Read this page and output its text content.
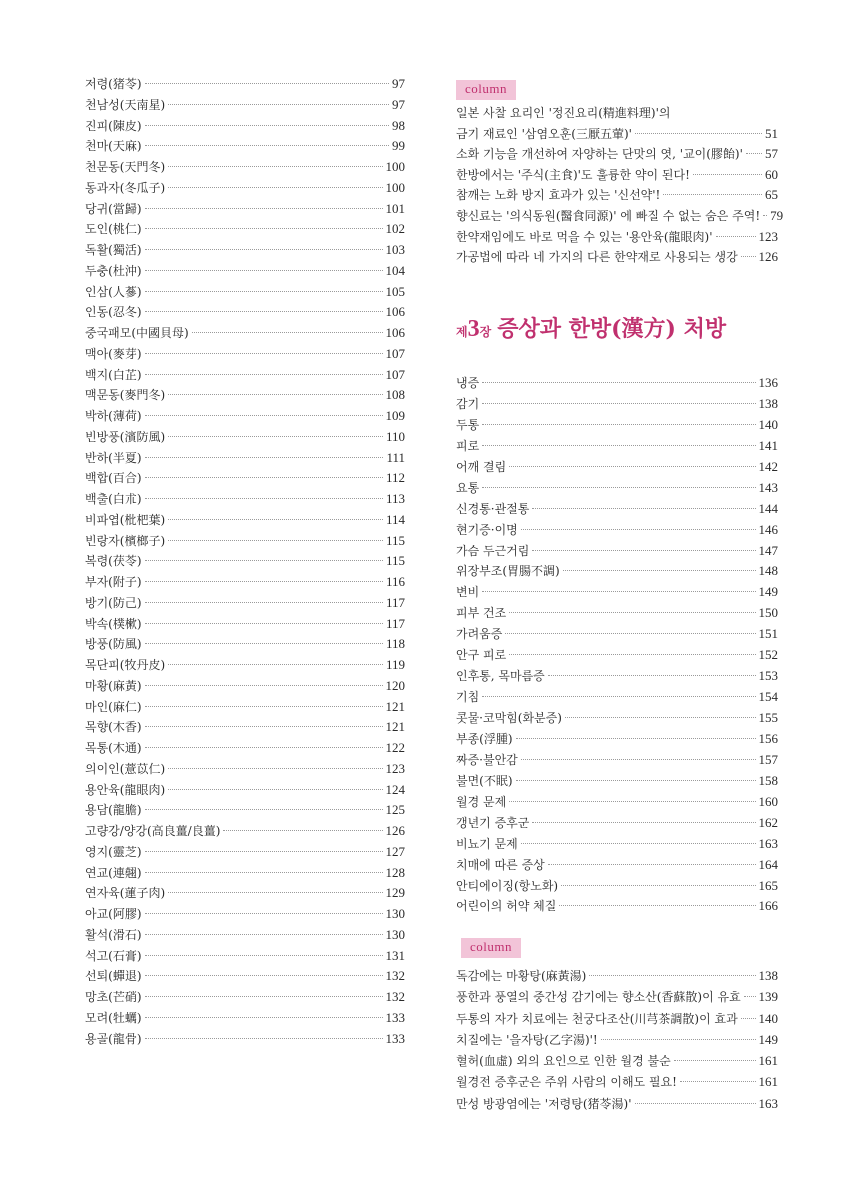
저령(猪苓)	97
천남성(天南星)	97
진피(陳皮)	98
천마(天麻)	99
천문동(天門冬)	100
동과자(冬瓜子)	100
당귀(當歸)	101
도인(桃仁)	102
독활(獨活)	103
두충(杜沖)	104
인삼(人蔘)	105
인동(忍冬)	106
중국패모(中國貝母)	106
맥아(麥芽)	107
백지(白芷)	107
맥문동(麥門冬)	108
박하(薄荷)	109
빈방풍(濱防風)	110
반하(半夏)	111
백합(百合)	112
백출(白朮)	113
비파엽(枇杷葉)	114
빈랑자(檳榔子)	115
복령(茯苓)	115
부자(附子)	116
방기(防己)	117
박속(樸樕)	117
방풍(防風)	118
목단피(牧丹皮)	119
마황(麻黃)	120
마인(麻仁)	121
목향(木香)	121
목통(木通)	122
의이인(薏苡仁)	123
용안육(龍眼肉)	124
용담(龍膽)	125
고량강/양강(高良薑/良薑)	126
영지(靈芝)	127
연교(連翹)	128
연자육(蓮子肉)	129
아교(阿膠)	130
활석(滑石)	130
석고(石膏)	131
선퇴(蟬退)	132
망초(芒硝)	132
모려(牡蠣)	133
용골(龍骨)	133
column
일본 사찰 요리인 '정진요리(精進料理)'의
금기 재료인 '삼염오훈(三厭五葷)'	51
소화 기능을 개선하여 자양하는 단맛의 엿, '교이(膠飴)' 57
한방에서는 '주식(主食)'도 훌륭한 약이 된다!	60
참깨는 노화 방지 효과가 있는 '신선약'!	65
향신료는 '의식동원(醫食同源)' 에 빠질 수 없는 숨은 주역! 79
한약재임에도 바로 먹을 수 있는 '용안육(龍眼肉)'	123
가공법에 따라 네 가지의 다른 한약재로 사용되는 생강 126
제3장 증상과 한방(漢方) 처방
냉증	136
감기	138
두통	140
피로	141
어깨 결림	142
요통	143
신경통·관절통	144
현기증·이명	146
가슴 두근거림	147
위장부조(胃腸不調)	148
변비	149
피부 건조	150
가려움증	151
안구 피로	152
인후통, 목마름증	153
기침	154
콧물·코막힘(화분증)	155
부종(浮腫)	156
짜증·불안감	157
불면(不眠)	158
월경 문제	160
갱년기 증후군	162
비뇨기 문제	163
치매에 따른 증상	164
안티에이징(항노화)	165
어린이의 허약 체질	166
column
독감에는 마황탕(麻黃湯)	138
풍한과 풍열의 중간성 감기에는 향소산(香蘇散)이 유효 139
두통의 자가 치료에는 천궁다조산(川芎茶調散)이 효과 140
치질에는 '을자탕(乙字湯)'!	149
혈허(血虛) 외의 요인으로 인한 월경 불순	161
월경전 증후군은 주위 사람의 이해도 필요!	161
만성 방광염에는 '저령탕(猪苓湯)'	163
